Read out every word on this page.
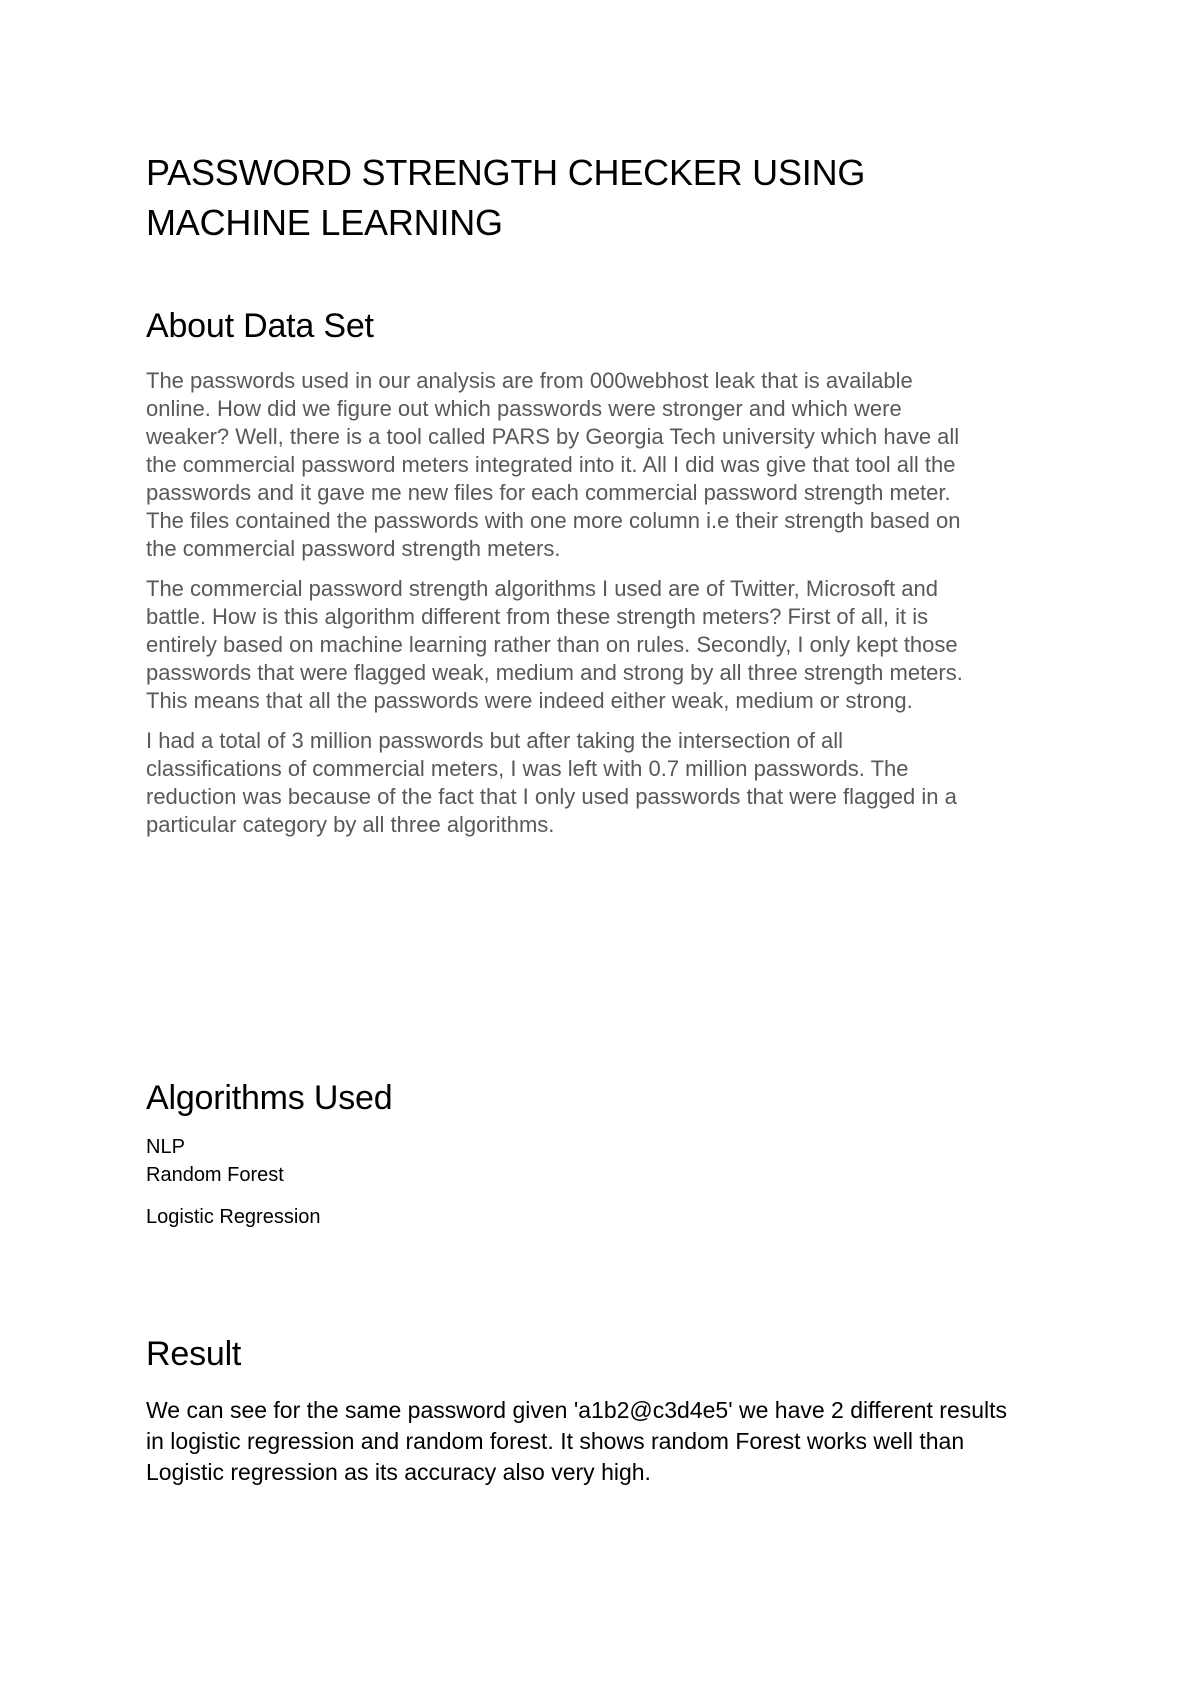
PASSWORD STRENGTH CHECKER USING
MACHINE LEARNING
About Data Set

The passwords used in our analysis are from 000webhost leak that is available
online. How did we figure out which passwords were stronger and which were
weaker? Well, there is a tool called PARS by Georgia Tech university which have all
the commercial password meters integrated into it. All I did was give that tool all the
passwords and it gave me new files for each commercial password strength meter.
The files contained the passwords with one more column i.e their strength based on
the commercial password strength meters.

The commercial password strength algorithms I used are of Twitter, Microsoft and
battle. How is this algorithm different from these strength meters? First of all, it is
entirely based on machine learning rather than on rules. Secondly, I only kept those
passwords that were flagged weak, medium and strong by all three strength meters.
This means that all the passwords were indeed either weak, medium or strong.

I had a total of 3 million passwords but after taking the intersection of all
classifications of commercial meters, I was left with 0.7 million passwords. The
reduction was because of the fact that I only used passwords that were flagged in a
particular category by all three algorithms.

Algorithms Used
NLP
Random Forest
Logistic Regression
Result

We can see for the same password given 'a1b2@c3d4e5' we have 2 different results
in logistic regression and random forest. It shows random Forest works well than
Logistic regression as its accuracy also very high.
